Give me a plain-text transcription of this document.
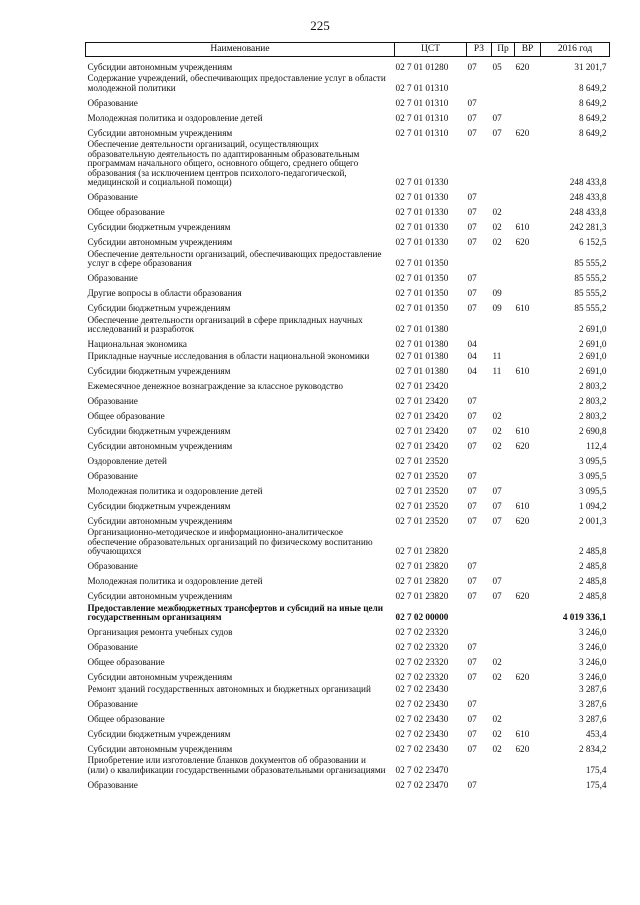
225
Наименование	ЦСТ	РЗ	Пр	ВР	2016 год
Субсидии автономным учреждениям	02 7 01 01280	07	05	620	31 201,7
Содержание учреждений, обеспечивающих предоставление услуг в области молодежной политики	02 7 01 01310				8 649,2
Образование	02 7 01 01310	07			8 649,2
Молодежная политика и оздоровление детей	02 7 01 01310	07	07		8 649,2
Субсидии автономным учреждениям	02 7 01 01310	07	07	620	8 649,2
Обеспечение деятельности организаций, осуществляющих образовательную деятельность по адаптированным образовательным программам начального общего, основного общего, среднего общего образования (за исключением центров психолого-педагогической, медицинской и социальной помощи)	02 7 01 01330				248 433,8
Образование	02 7 01 01330	07			248 433,8
Общее образование	02 7 01 01330	07	02		248 433,8
Субсидии бюджетным учреждениям	02 7 01 01330	07	02	610	242 281,3
Субсидии автономным учреждениям	02 7 01 01330	07	02	620	6 152,5
Обеспечение деятельности организаций, обеспечивающих предоставление услуг в сфере образования	02 7 01 01350				85 555,2
Образование	02 7 01 01350	07			85 555,2
Другие вопросы в области образования	02 7 01 01350	07	09		85 555,2
Субсидии бюджетным учреждениям	02 7 01 01350	07	09	610	85 555,2
Обеспечение деятельности организаций в сфере прикладных научных исследований и разработок	02 7 01 01380				2 691,0
Национальная экономика	02 7 01 01380	04			2 691,0
Прикладные научные исследования в области национальной экономики	02 7 01 01380	04	11		2 691,0
Субсидии бюджетным учреждениям	02 7 01 01380	04	11	610	2 691,0
Ежемесячное денежное вознаграждение за классное руководство	02 7 01 23420				2 803,2
Образование	02 7 01 23420	07			2 803,2
Общее образование	02 7 01 23420	07	02		2 803,2
Субсидии бюджетным учреждениям	02 7 01 23420	07	02	610	2 690,8
Субсидии автономным учреждениям	02 7 01 23420	07	02	620	112,4
Оздоровление детей	02 7 01 23520				3 095,5
Образование	02 7 01 23520	07			3 095,5
Молодежная политика и оздоровление детей	02 7 01 23520	07	07		3 095,5
Субсидии бюджетным учреждениям	02 7 01 23520	07	07	610	1 094,2
Субсидии автономным учреждениям	02 7 01 23520	07	07	620	2 001,3
Организационно-методическое и информационно-аналитическое обеспечение образовательных организаций по физическому воспитанию обучающихся	02 7 01 23820				2 485,8
Образование	02 7 01 23820	07			2 485,8
Молодежная политика и оздоровление детей	02 7 01 23820	07	07		2 485,8
Субсидии автономным учреждениям	02 7 01 23820	07	07	620	2 485,8
Предоставление межбюджетных трансфертов и субсидий на иные цели государственным организациям	02 7 02 00000				4 019 336,1
Организация ремонта учебных судов	02 7 02 23320				3 246,0
Образование	02 7 02 23320	07			3 246,0
Общее образование	02 7 02 23320	07	02		3 246,0
Субсидии автономным учреждениям	02 7 02 23320	07	02	620	3 246,0
Ремонт зданий государственных автономных и бюджетных организаций	02 7 02 23430				3 287,6
Образование	02 7 02 23430	07			3 287,6
Общее образование	02 7 02 23430	07	02		3 287,6
Субсидии бюджетным учреждениям	02 7 02 23430	07	02	610	453,4
Субсидии автономным учреждениям	02 7 02 23430	07	02	620	2 834,2
Приобретение или изготовление бланков документов об образовании и (или) о квалификации государственными образовательными организациями	02 7 02 23470				175,4
Образование	02 7 02 23470	07			175,4
